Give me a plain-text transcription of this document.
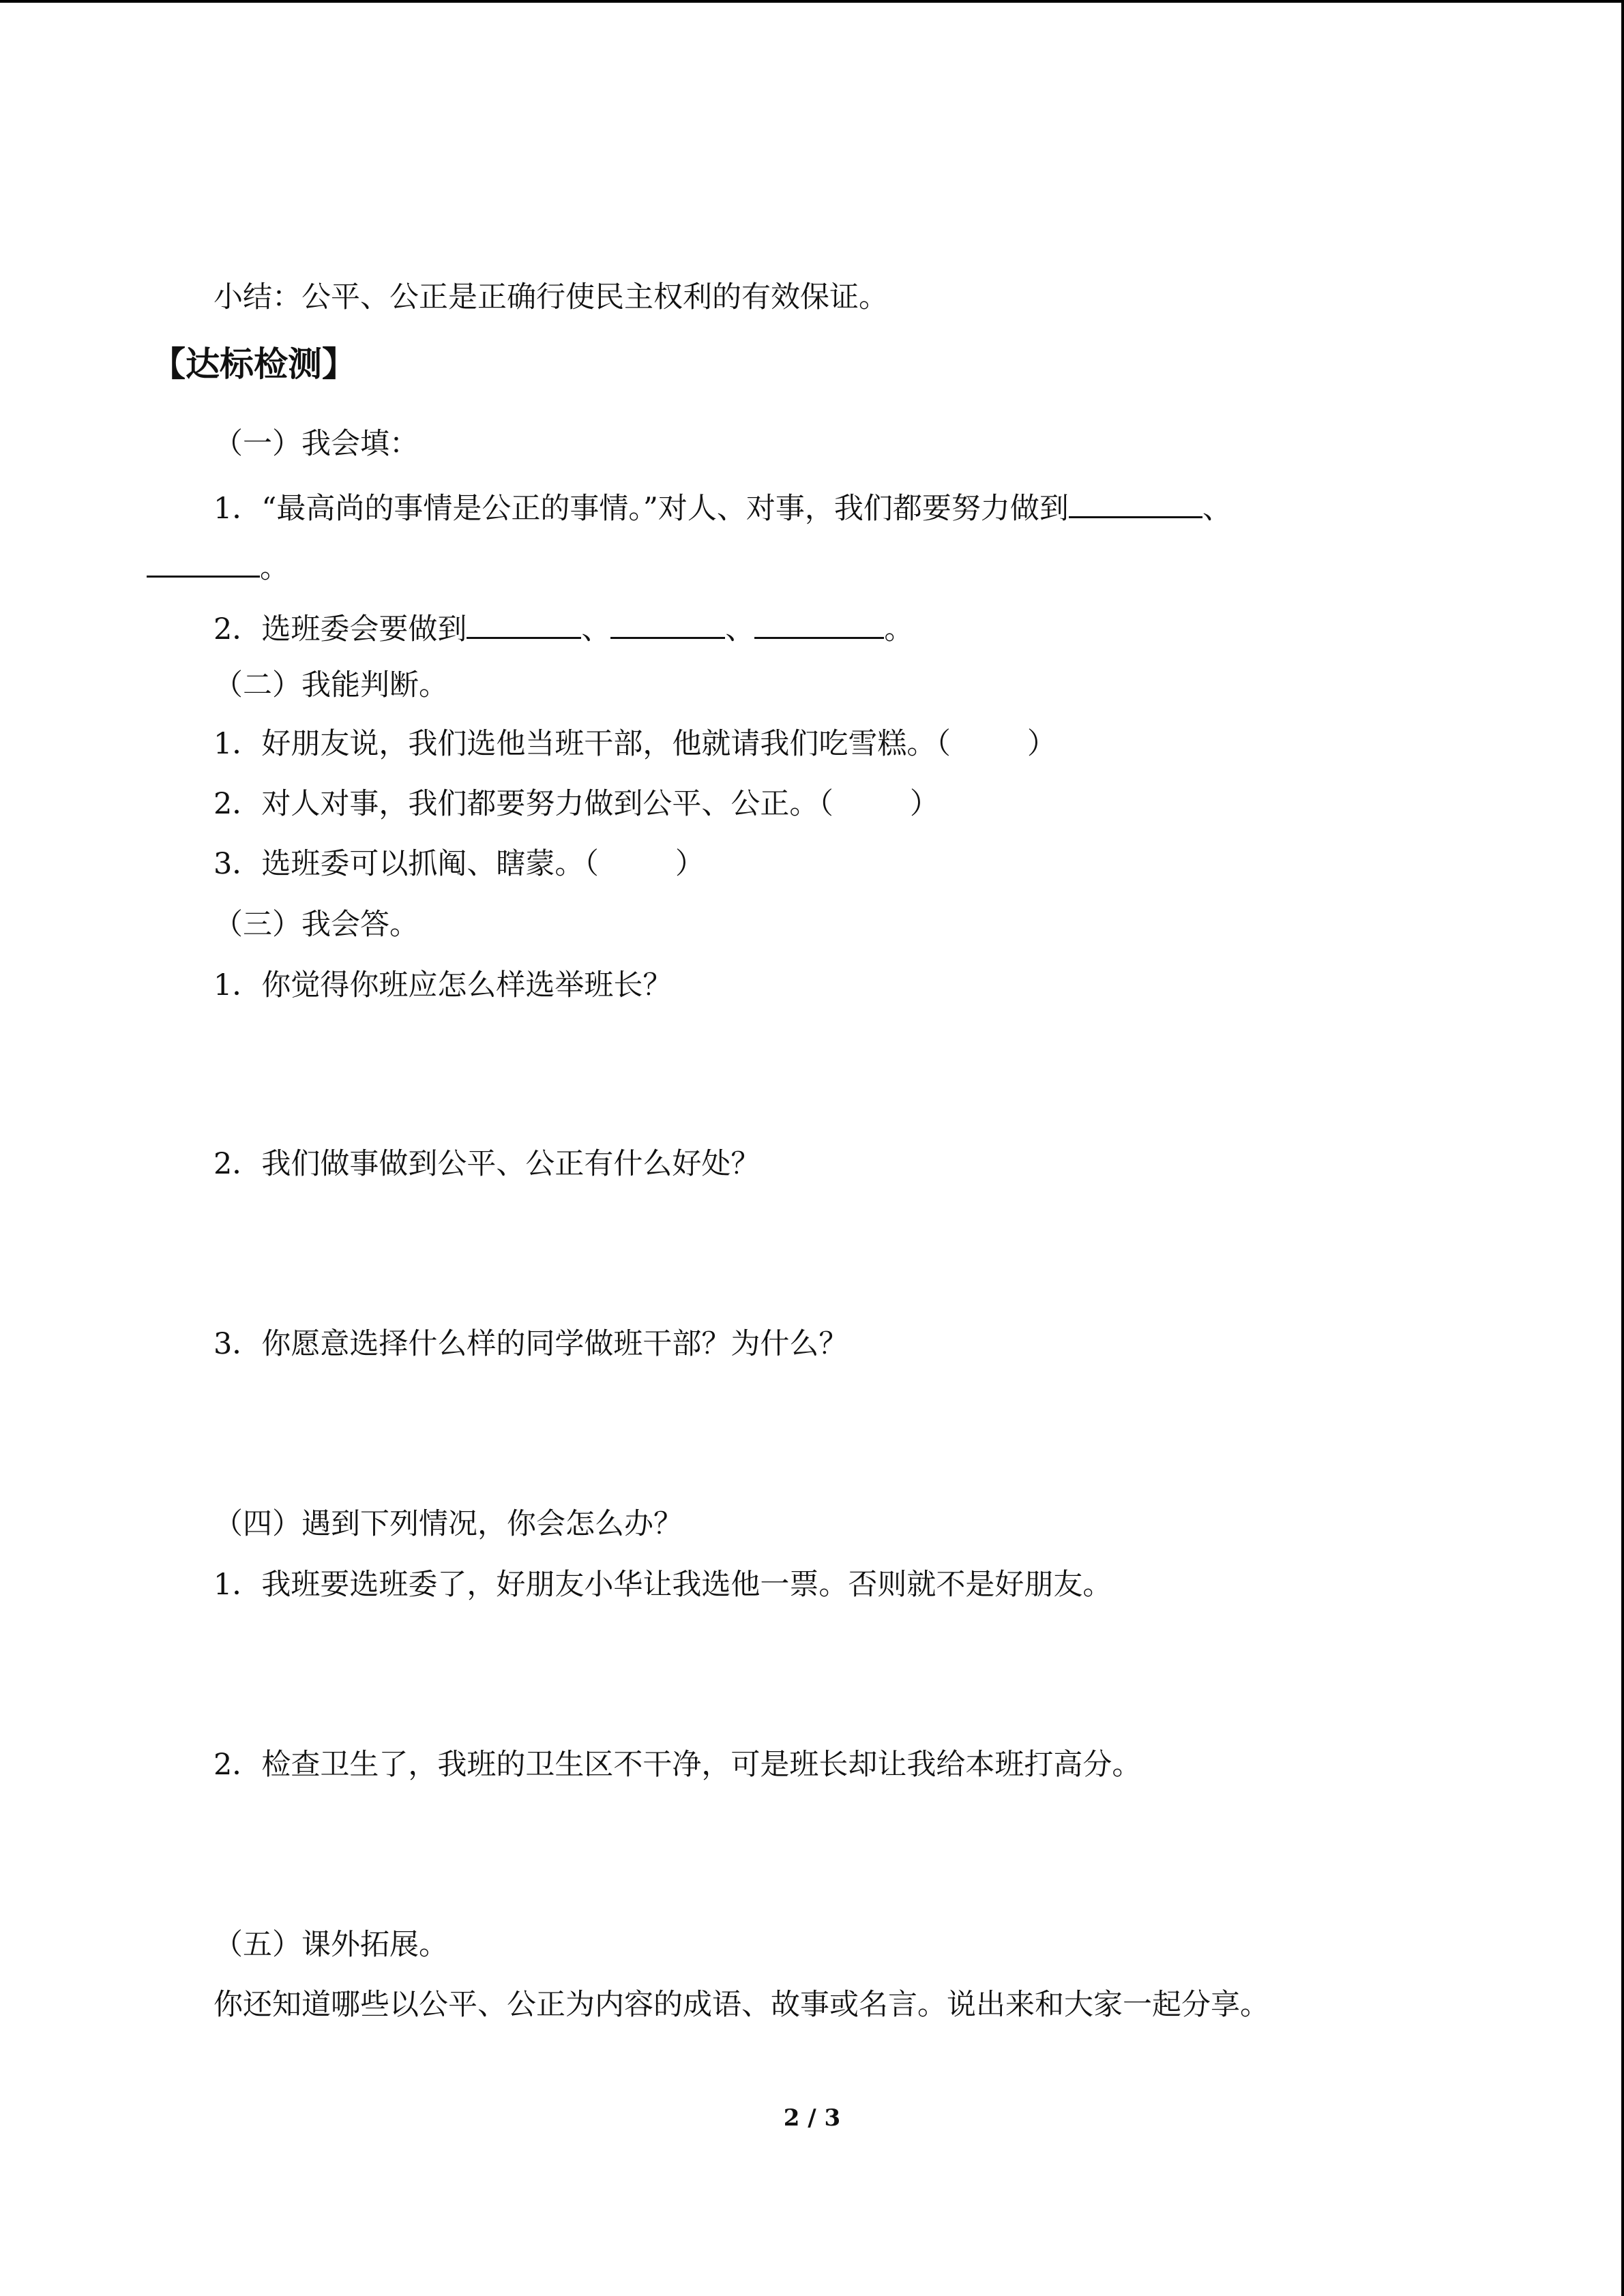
小结：公平、公正是正确行使民主权利的有效保证。
【达标检测】
（一）我会填：
1．“最高尚的事情是公正的事情。”对人、对事，我们都要努力做到	、
。
2．选班委会要做到	、	、	。
（二）我能判断。
1．好朋友说，我们选他当班干部，他就请我们吃雪糕。（	）
2．对人对事，我们都要努力做到公平、公正。（	）
3．选班委可以抓阄、瞎蒙。（	）
（三）我会答。
1．你觉得你班应怎么样选举班长？
2．我们做事做到公平、公正有什么好处？
3．你愿意选择什么样的同学做班干部？为什么？
（四）遇到下列情况，你会怎么办？
1．我班要选班委了，好朋友小华让我选他一票。否则就不是好朋友。
2．检查卫生了，我班的卫生区不干净，可是班长却让我给本班打高分。
（五）课外拓展。
你还知道哪些以公平、公正为内容的成语、故事或名言。说出来和大家一起分享。
2 / 3
